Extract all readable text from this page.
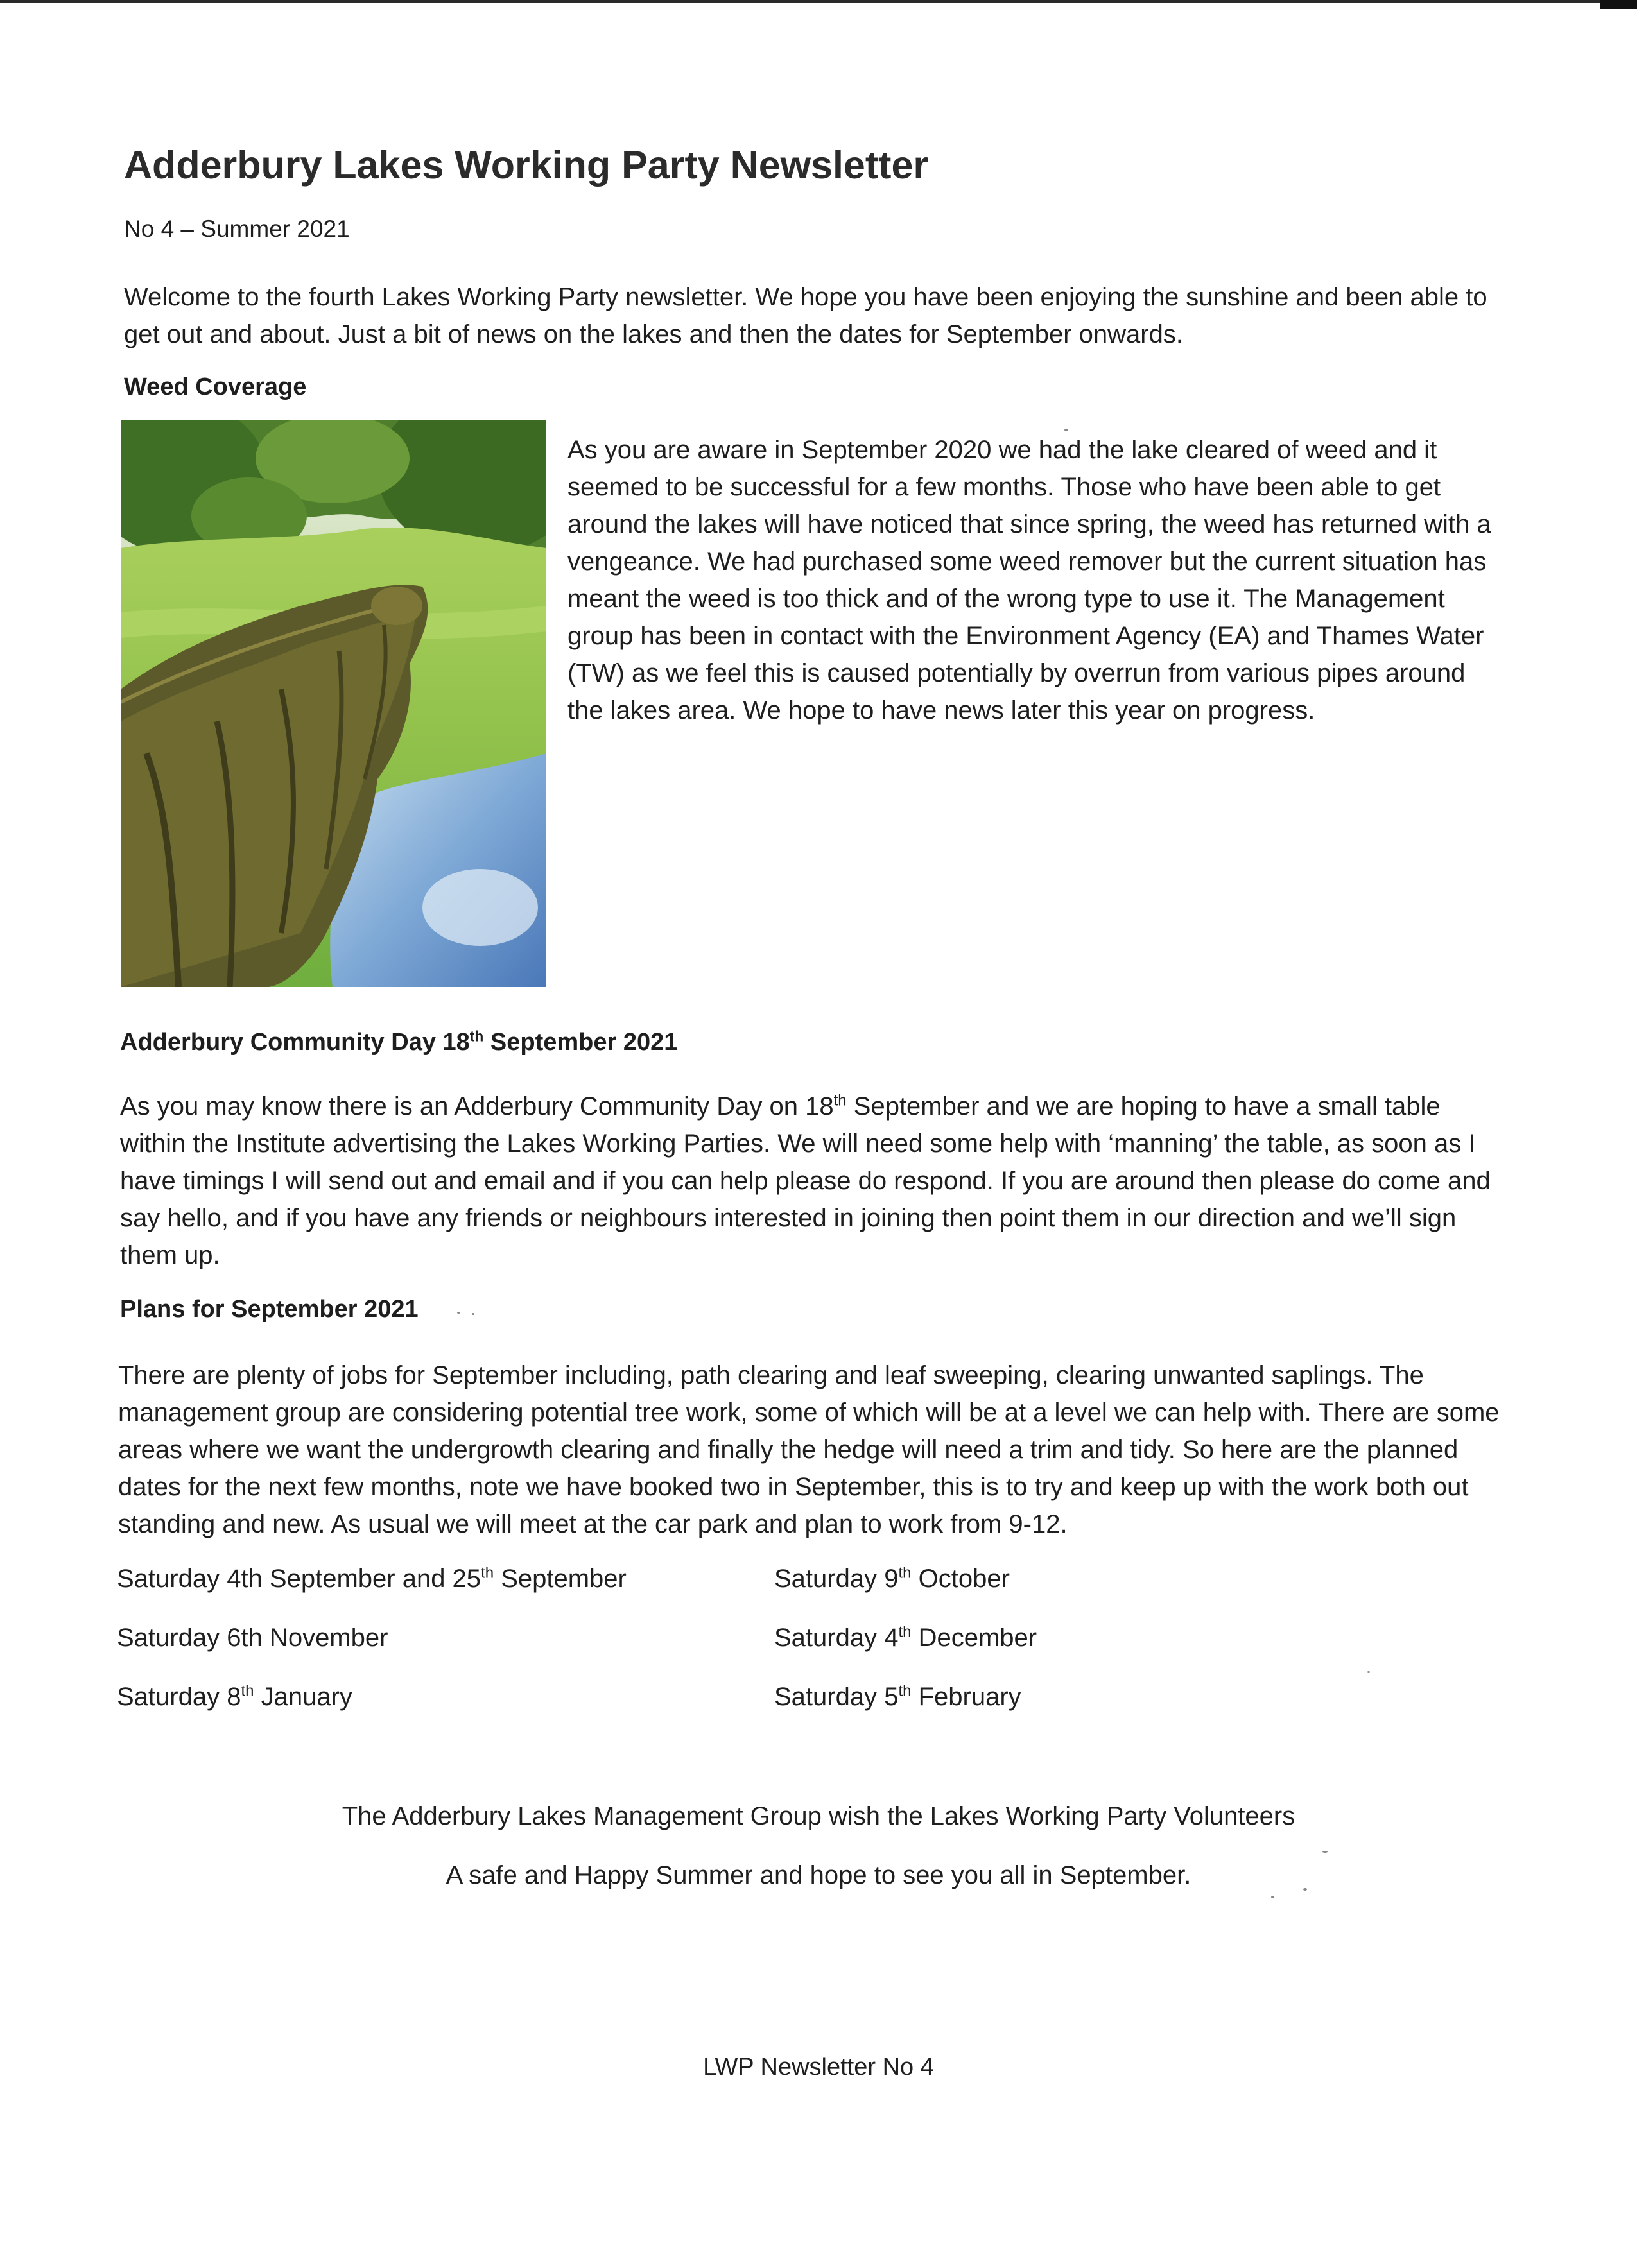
Adderbury Lakes Working Party Newsletter
No 4 – Summer 2021

Welcome to the fourth Lakes Working Party newsletter. We hope you have been enjoying the sunshine and been able to get out and about. Just a bit of news on the lakes and then the dates for September onwards.

Weed Coverage

As you are aware in September 2020 we had the lake cleared of weed and it seemed to be successful for a few months. Those who have been able to get around the lakes will have noticed that since spring, the weed has returned with a vengeance. We had purchased some weed remover but the current situation has meant the weed is too thick and of the wrong type to use it. The Management group has been in contact with the Environment Agency (EA) and Thames Water (TW) as we feel this is caused potentially by overrun from various pipes around the lakes area. We hope to have news later this year on progress.

Adderbury Community Day 18th September 2021

As you may know there is an Adderbury Community Day on 18th September and we are hoping to have a small table within the Institute advertising the Lakes Working Parties. We will need some help with ‘manning’ the table, as soon as I have timings I will send out and email and if you can help please do respond. If you are around then please do come and say hello, and if you have any friends or neighbours interested in joining then point them in our direction and we’ll sign them up.

Plans for September 2021

There are plenty of jobs for September including, path clearing and leaf sweeping, clearing unwanted saplings. The management group are considering potential tree work, some of which will be at a level we can help with. There are some areas where we want the undergrowth clearing and finally the hedge will need a trim and tidy. So here are the planned dates for the next few months, note we have booked two in September, this is to try and keep up with the work both out standing and new. As usual we will meet at the car park and plan to work from 9-12.

Saturday 4th September and 25th September	Saturday 9th October
Saturday 6th November	Saturday 4th December
Saturday 8th January	Saturday 5th February
The Adderbury Lakes Management Group wish the Lakes Working Party Volunteers
A safe and Happy Summer and hope to see you all in September.
LWP Newsletter No 4
